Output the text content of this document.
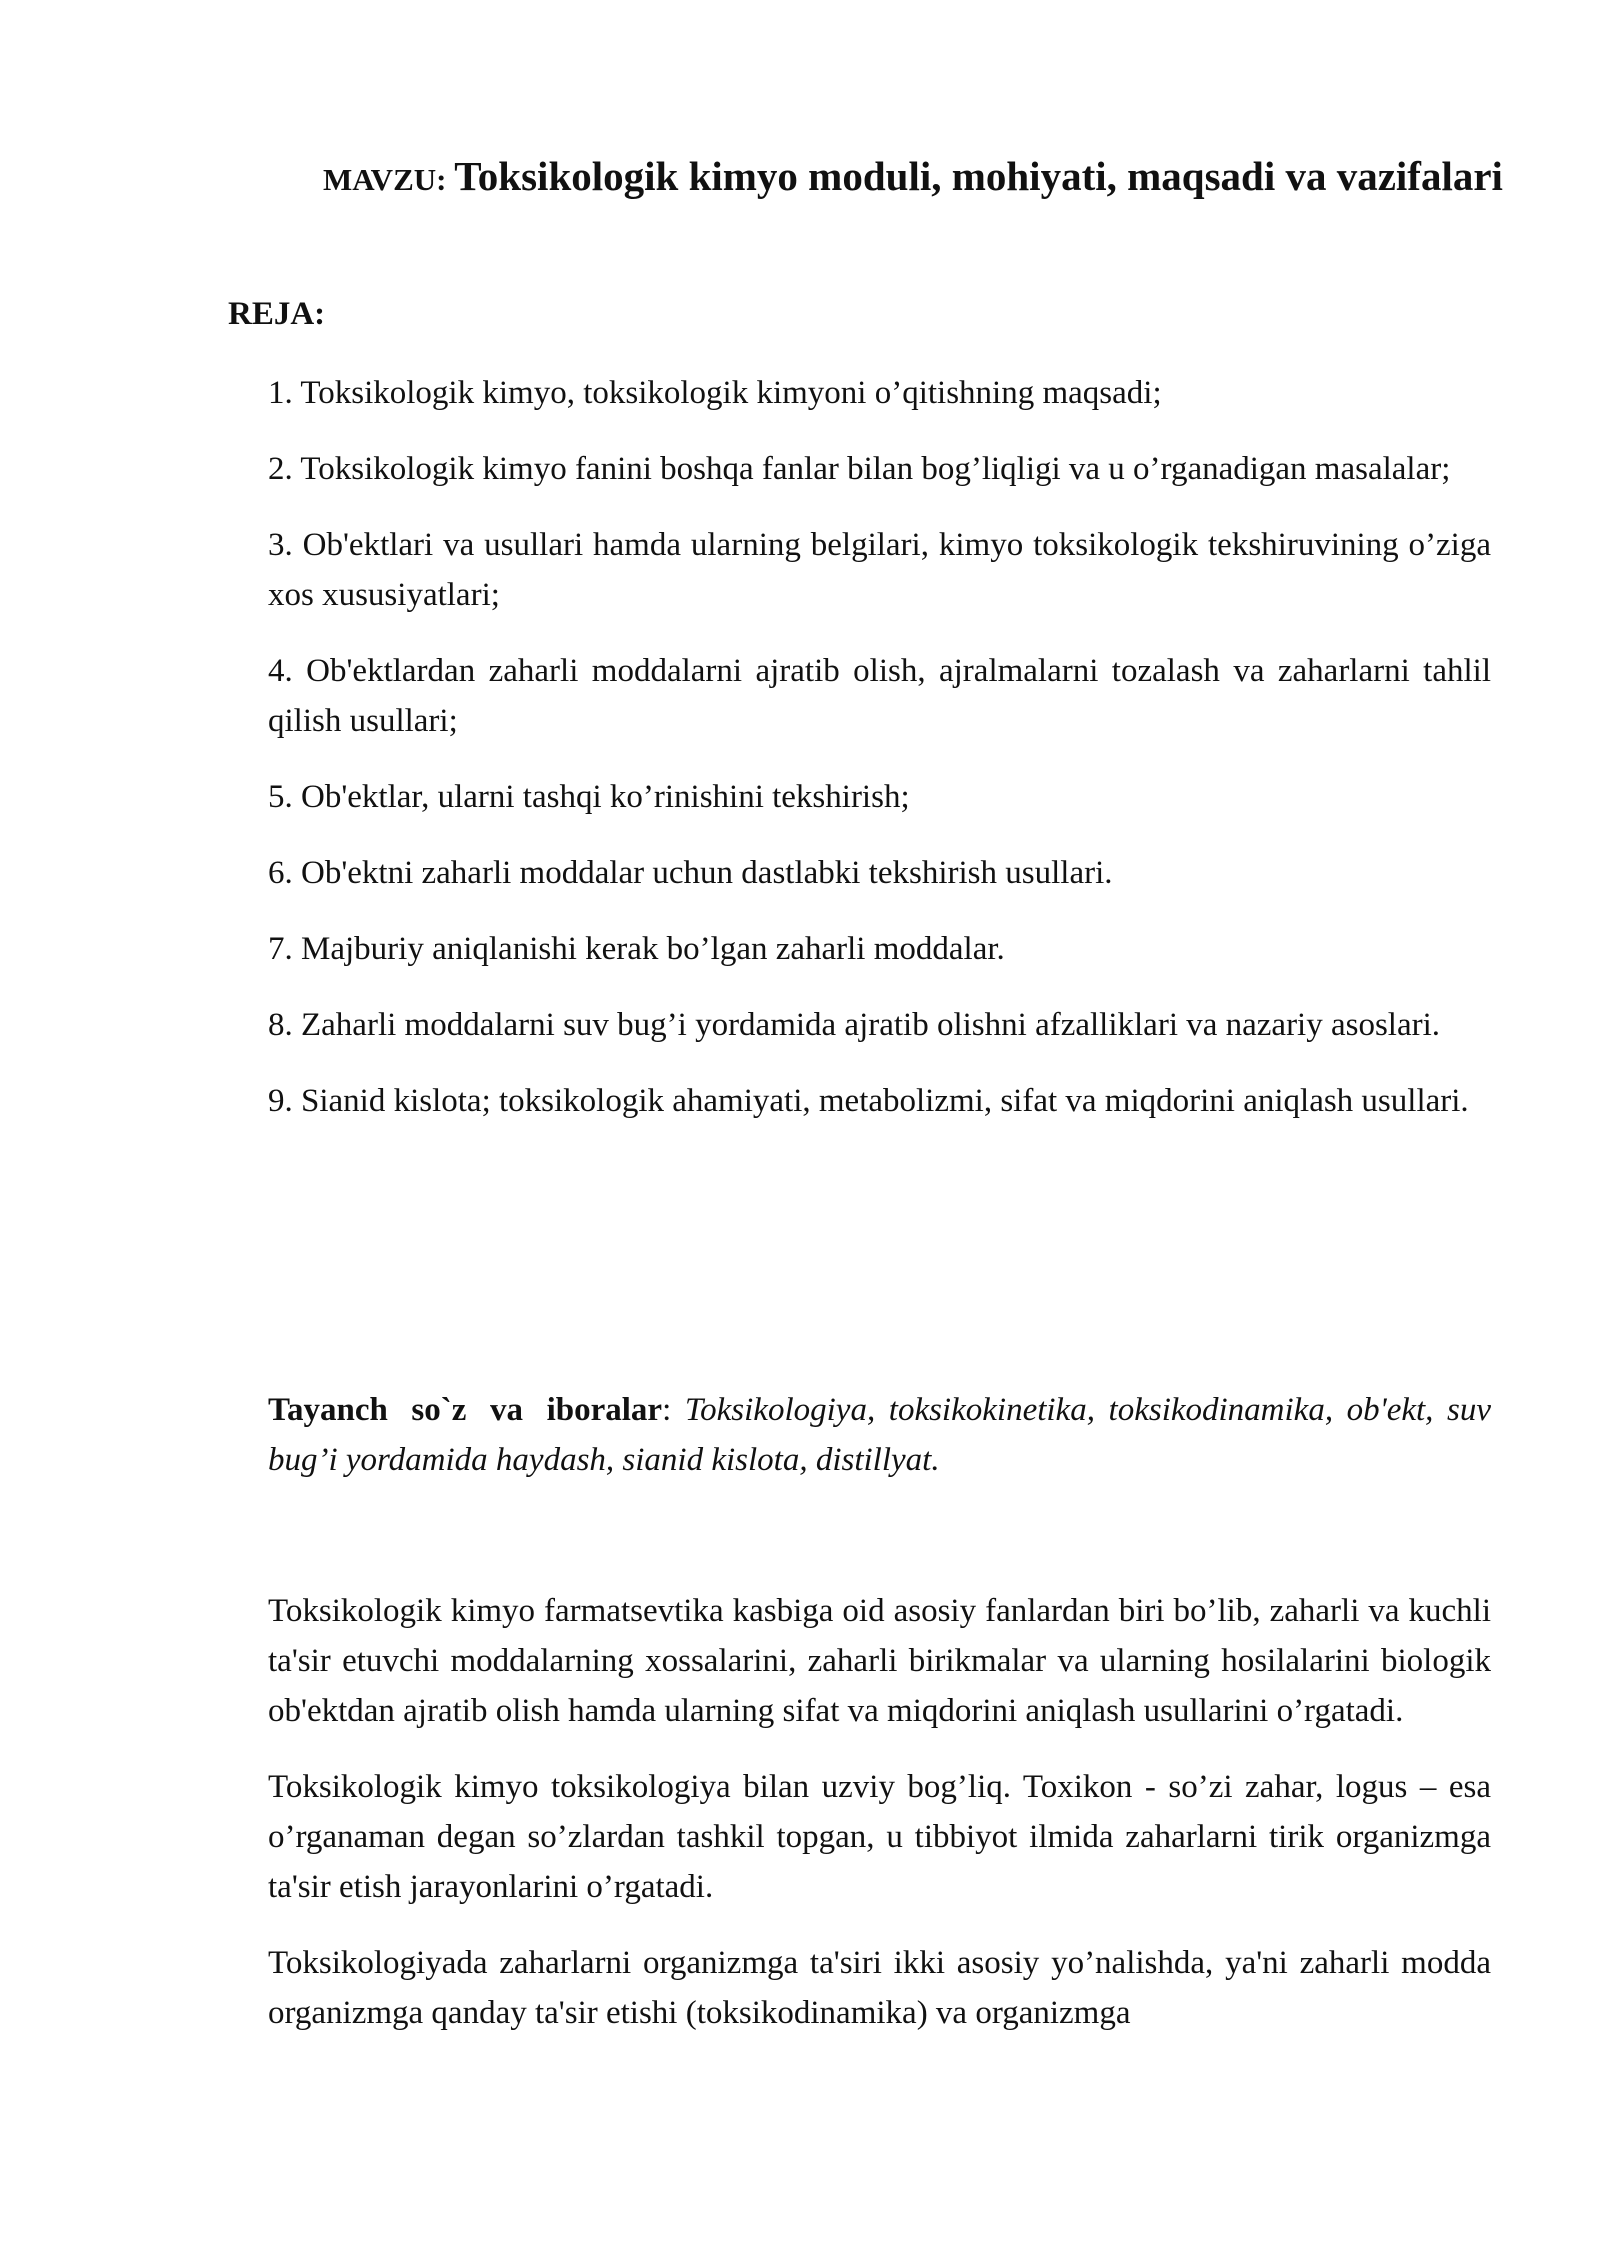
MAVZU: Toksikologik kimyo moduli, mohiyati, maqsadi va vazifalari
REJA:
1. Toksikologik kimyo, toksikologik kimyoni o’qitishning maqsadi;
2. Toksikologik kimyo fanini boshqa fanlar bilan bog’liqligi va u o’rganadigan masalalar;
3. Ob'ektlari va usullari hamda ularning belgilari, kimyo toksikologik tekshiruvining o’ziga xos xususiyatlari;
4. Ob'ektlardan zaharli moddalarni ajratib olish, ajralmalarni tozalash va zaharlarni tahlil qilish usullari;
5. Ob'ektlar, ularni tashqi ko’rinishini tekshirish;
6. Ob'ektni zaharli moddalar uchun dastlabki tekshirish usullari.
7. Majburiy aniqlanishi kerak bo’lgan zaharli moddalar.
8. Zaharli moddalarni suv bug’i yordamida ajratib olishni afzalliklari va nazariy asoslari.
9. Sianid kislota; toksikologik ahamiyati, metabolizmi, sifat va miqdorini aniqlash usullari.

Tayanch so`z va iboralar: Toksikologiya, toksikokinetika, toksikodinamika, ob'ekt, suv bug’i yordamida haydash, sianid kislota, distillyat.

Toksikologik kimyo farmatsevtika kasbiga oid asosiy fanlardan biri bo’lib, zaharli va kuchli ta'sir etuvchi moddalarning xossalarini, zaharli birikmalar va ularning hosilalarini biologik ob'ektdan ajratib olish hamda ularning sifat va miqdorini aniqlash usullarini o’rgatadi.

Toksikologik kimyo toksikologiya bilan uzviy bog’liq. Toxikon - so’zi zahar, logus – esa o’rganaman degan so’zlardan tashkil topgan, u tibbiyot ilmida zaharlarni tirik organizmga ta'sir etish jarayonlarini o’rgatadi.

Toksikologiyada zaharlarni organizmga ta'siri ikki asosiy yo’nalishda, ya'ni zaharli modda organizmga qanday ta'sir etishi (toksikodinamika) va organizmga
